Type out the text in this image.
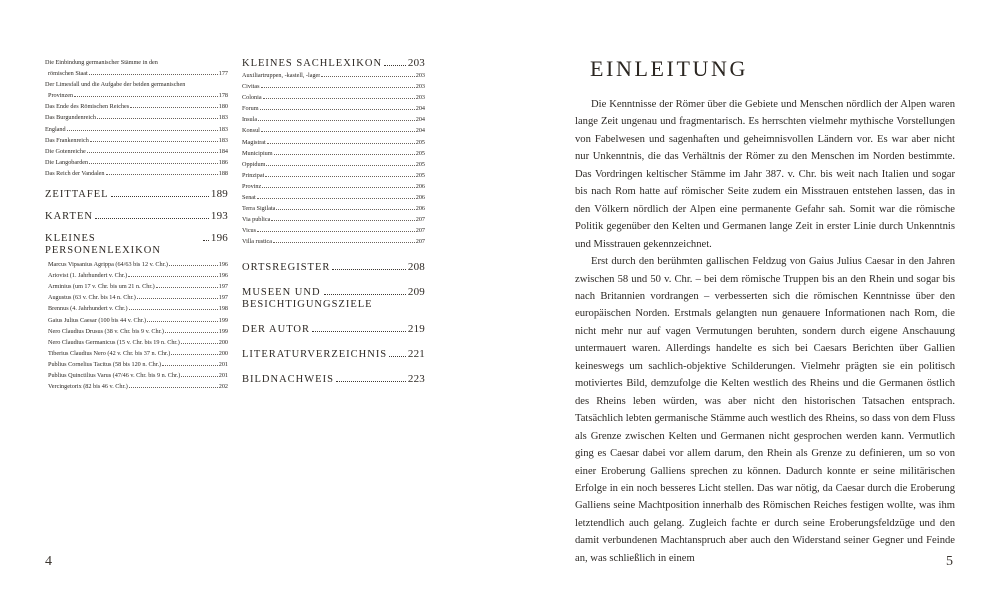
Die Einbindung germanischer Stämme in den
römischen Staat	177
Der Limesfall und die Aufgabe der beiden germanischen
Provinzen	178
Das Ende des Römischen Reiches	180
Das Burgundenreich	183
England	183
Das Frankenreich	183
Die Gotenreiche	184
Die Langobarden	186
Das Reich der Vandalen	188
ZEITTAFEL	189
KARTEN	193
KLEINES PERSONENLEXIKON
196
Marcus Vipsanius Agrippa (64/63 bis 12 v. Chr.)	196
Ariovist (1. Jahrhundert v. Chr.)	196
Arminius (um 17 v. Chr. bis um 21 n. Chr.)	197
Augustus (63 v. Chr. bis 14 n. Chr.)	197
Brennus (4. Jahrhundert v. Chr.)	198
Gaius Julius Caesar (100 bis 44 v. Chr.)	199
Nero Claudius Drusus (38 v. Chr. bis 9 v. Chr.)	199
Nero Claudius Germanicus (15 v. Chr. bis 19 n. Chr.)	200
Tiberius Claudius Nero (42 v. Chr. bis 37 n. Chr.)	200
Publius Cornelius Tacitus (58 bis 120 n. Chr.)	201
Publius Quinctilius Varus (47/46 v. Chr. bis 9 n. Chr.)	201
Vercingetorix (82 bis 46 v. Chr.)	202
KLEINES SACHLEXIKON 203
Auxiliartruppen, -kastell, -lager	203
Civitas	203
Colonia	203
Forum	204
Insula	204
Konsul	204
Magistrat	205
Municipium	205
Oppidum	205
Prinzipat	205
Provinz	206
Senat	206
Terra Sigilata	206
Via publica	207
Vicus	207
Villa rustica	207
ORTSREGISTER	208
MUSEEN UND BESICHTIGUNGSZIELE
209
DER AUTOR	219
LITERATURVERZEICHNIS 221
BILDNACHWEIS	223
4
EINLEITUNG

Die Kenntnisse der Römer über die Gebiete und Menschen nördlich der Alpen waren lange Zeit ungenau und fragmentarisch. Es herrschten vielmehr mythische Vorstellungen von Fabelwesen und sagenhaften und geheimnisvollen Ländern vor. Es war aber nicht nur Unkenntnis, die das Verhältnis der Römer zu den Menschen im Norden bestimmte. Das Vordringen keltischer Stämme im Jahr 387. v. Chr. bis weit nach Italien und sogar bis nach Rom hatte auf römischer Seite zudem ein Misstrauen entstehen lassen, das in den Völkern nördlich der Alpen eine permanente Gefahr sah. Somit war die römische Politik gegenüber den Kelten und Germanen lange Zeit in erster Linie durch Unkenntnis und Misstrauen gekennzeichnet.

Erst durch den berühmten gallischen Feldzug von Gaius Julius Caesar in den Jahren zwischen 58 und 50 v. Chr. – bei dem römische Truppen bis an den Rhein und sogar bis nach Britannien vordrangen – verbesserten sich die römischen Kenntnisse über den europäischen Norden. Erstmals gelangten nun genauere Informationen nach Rom, die nicht mehr nur auf vagen Vermutungen beruhten, sondern durch eigene Anschauung untermauert waren. Allerdings handelte es sich bei Caesars Berichten über Gallien keineswegs um sachlich-objektive Schilderungen. Vielmehr prägten sie ein politisch motiviertes Bild, demzufolge die Kelten westlich des Rheins und die Germanen östlich des Rheins leben würden, was aber nicht den historischen Tatsachen entsprach. Tatsächlich lebten germanische Stämme auch westlich des Rheins, so dass von dem Fluss als Grenze zwischen Kelten und Germanen nicht gesprochen werden kann. Vermutlich ging es Caesar dabei vor allem darum, den Rhein als Grenze zu definieren, um so von einer Eroberung Galliens sprechen zu können. Dadurch konnte er seine militärischen Erfolge in ein noch besseres Licht stellen. Das war nötig, da Caesar durch die Eroberung Galliens seine Machtposition innerhalb des Römischen Reiches festigen wollte, was ihm letztendlich auch gelang. Zugleich fachte er durch seine Eroberungsfeldzüge und den damit verbundenen Machtanspruch aber auch den Widerstand seiner Gegner und Feinde an, was schließlich in einem	5
